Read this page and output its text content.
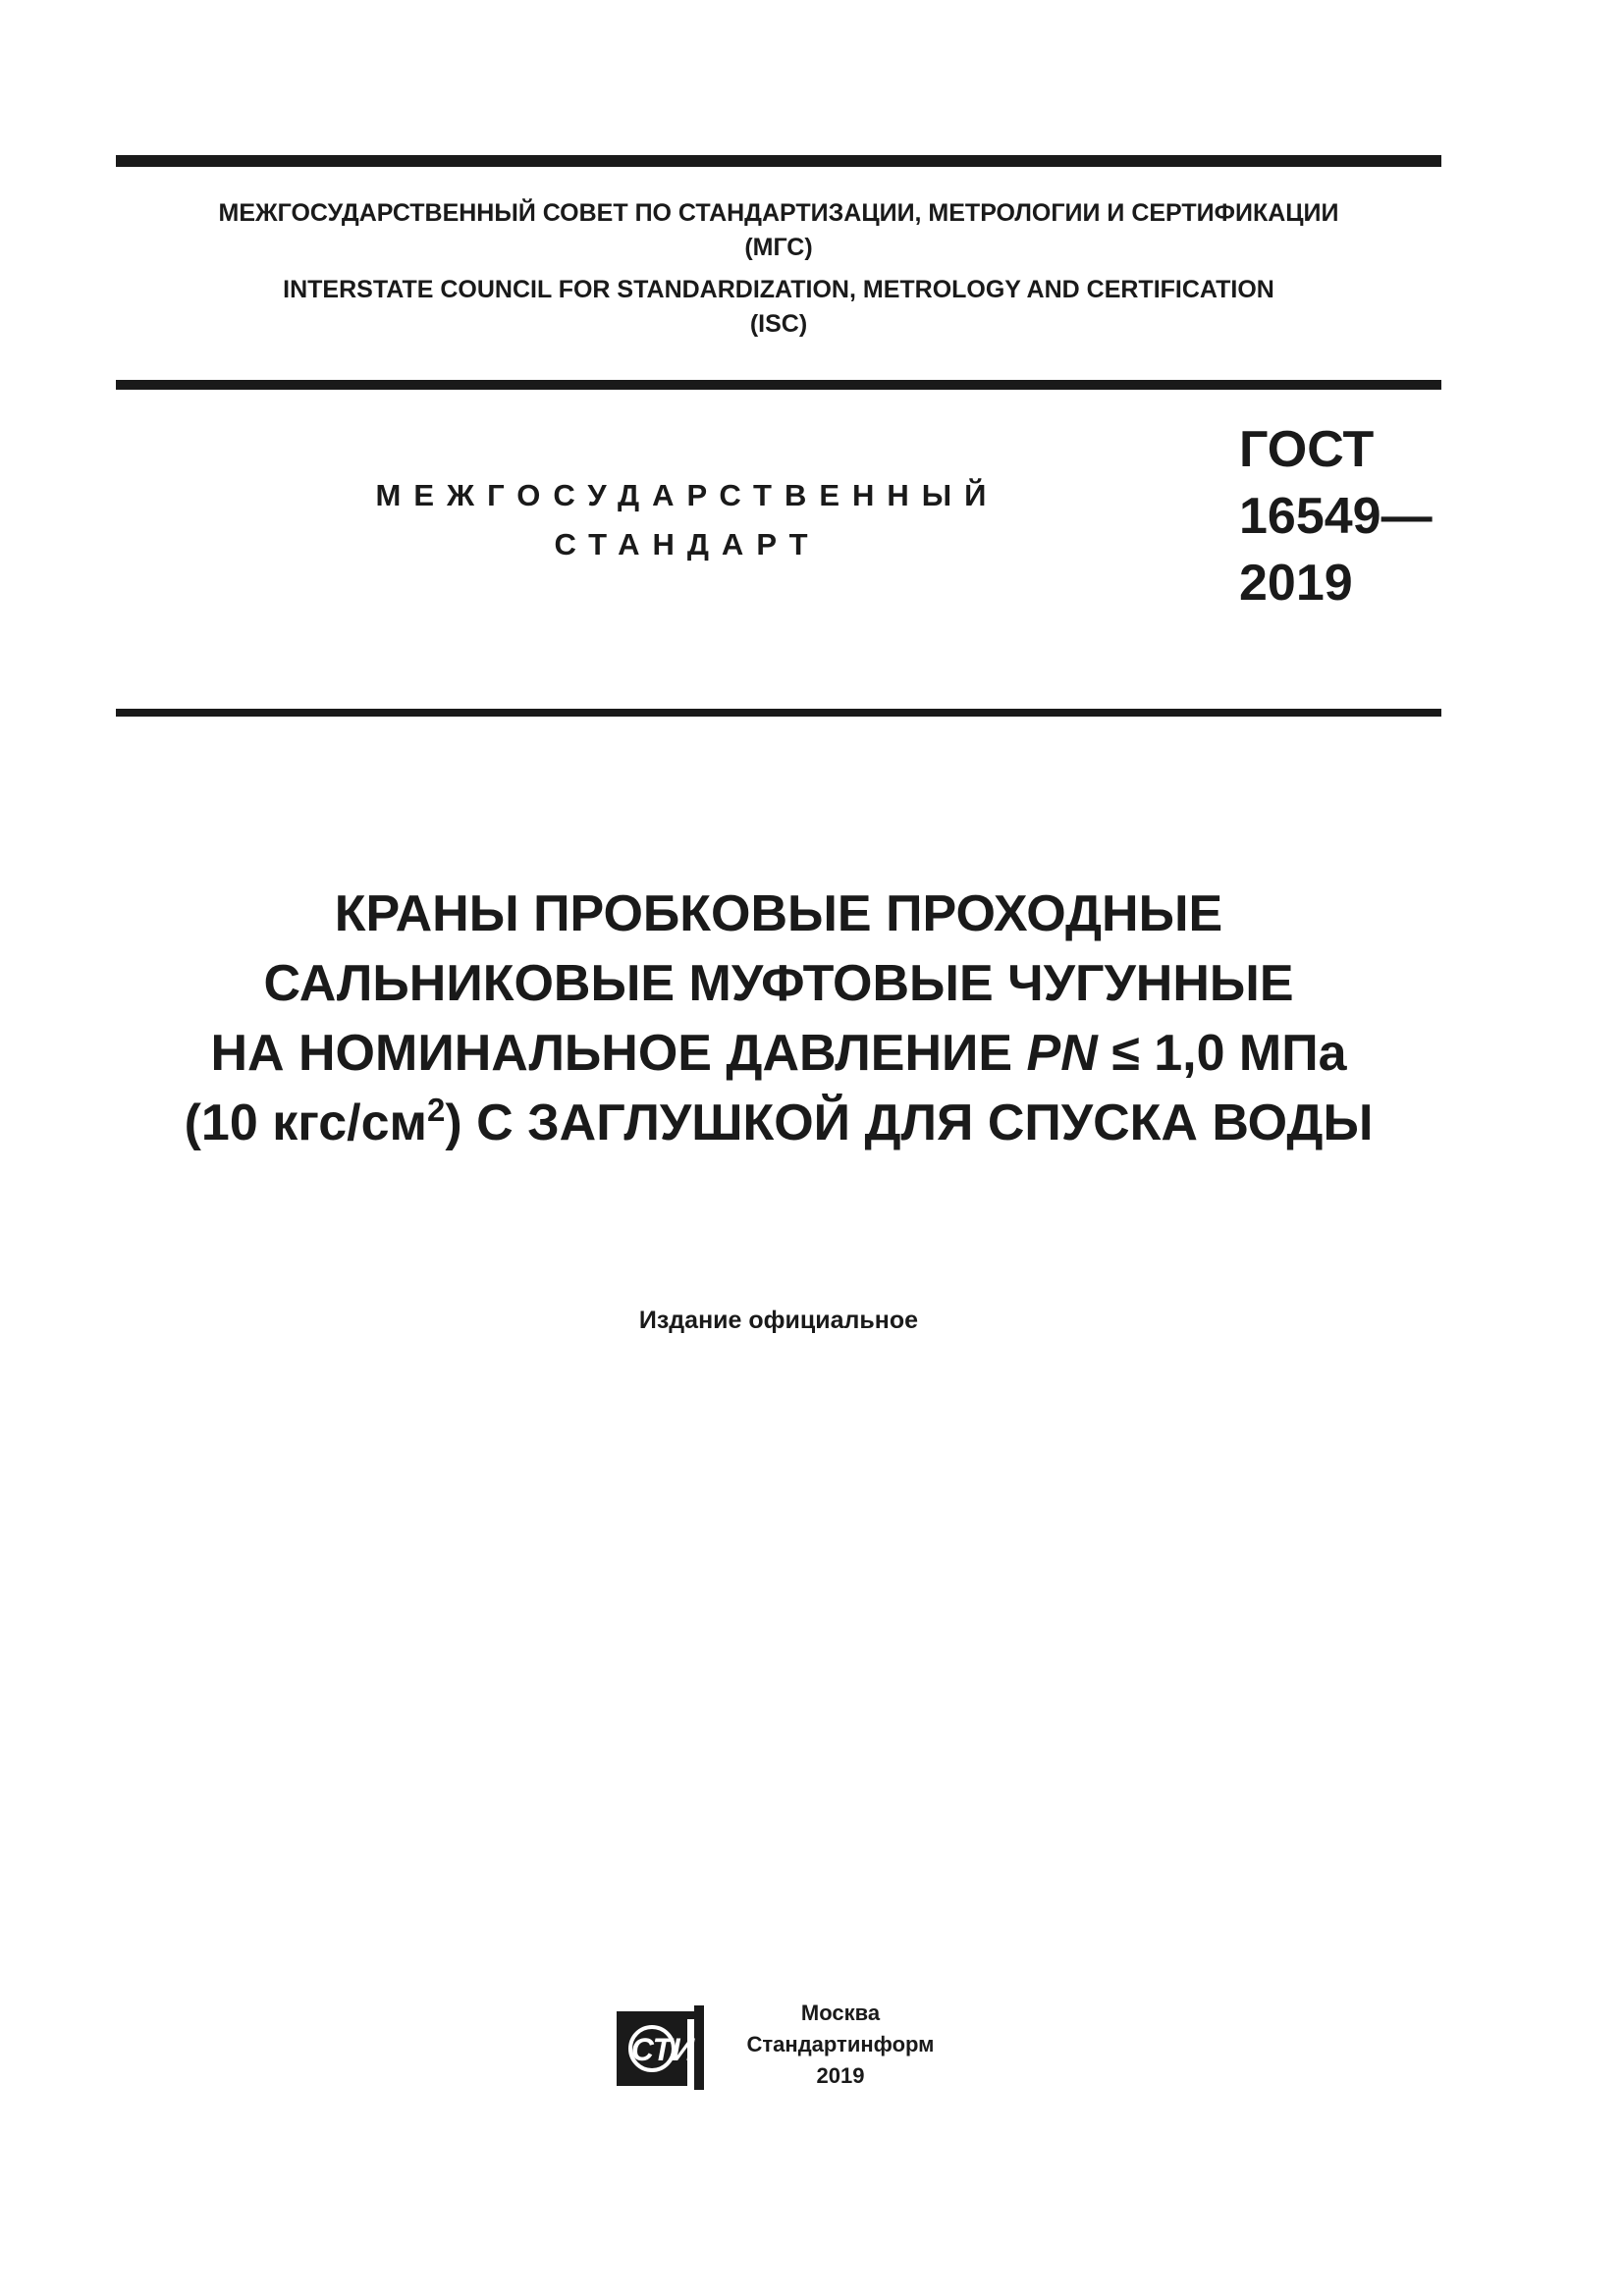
МЕЖГОСУДАРСТВЕННЫЙ СОВЕТ ПО СТАНДАРТИЗАЦИИ, МЕТРОЛОГИИ И СЕРТИФИКАЦИИ
(МГС)
INTERSTATE COUNCIL FOR STANDARDIZATION, METROLOGY AND CERTIFICATION
(ISC)
МЕЖГОСУДАРСТВЕННЫЙ
СТАНДАРТ
ГОСТ
16549—
2019
КРАНЫ ПРОБКОВЫЕ ПРОХОДНЫЕ
САЛЬНИКОВЫЕ МУФТОВЫЕ ЧУГУННЫЕ
НА НОМИНАЛЬНОЕ ДАВЛЕНИЕ PN ≤ 1,0 МПа
(10 кгс/$см^2$) С ЗАГЛУШКОЙ ДЛЯ СПУСКА ВОДЫ
Издание официальное
СТИ
Москва
Стандартинформ
2019
